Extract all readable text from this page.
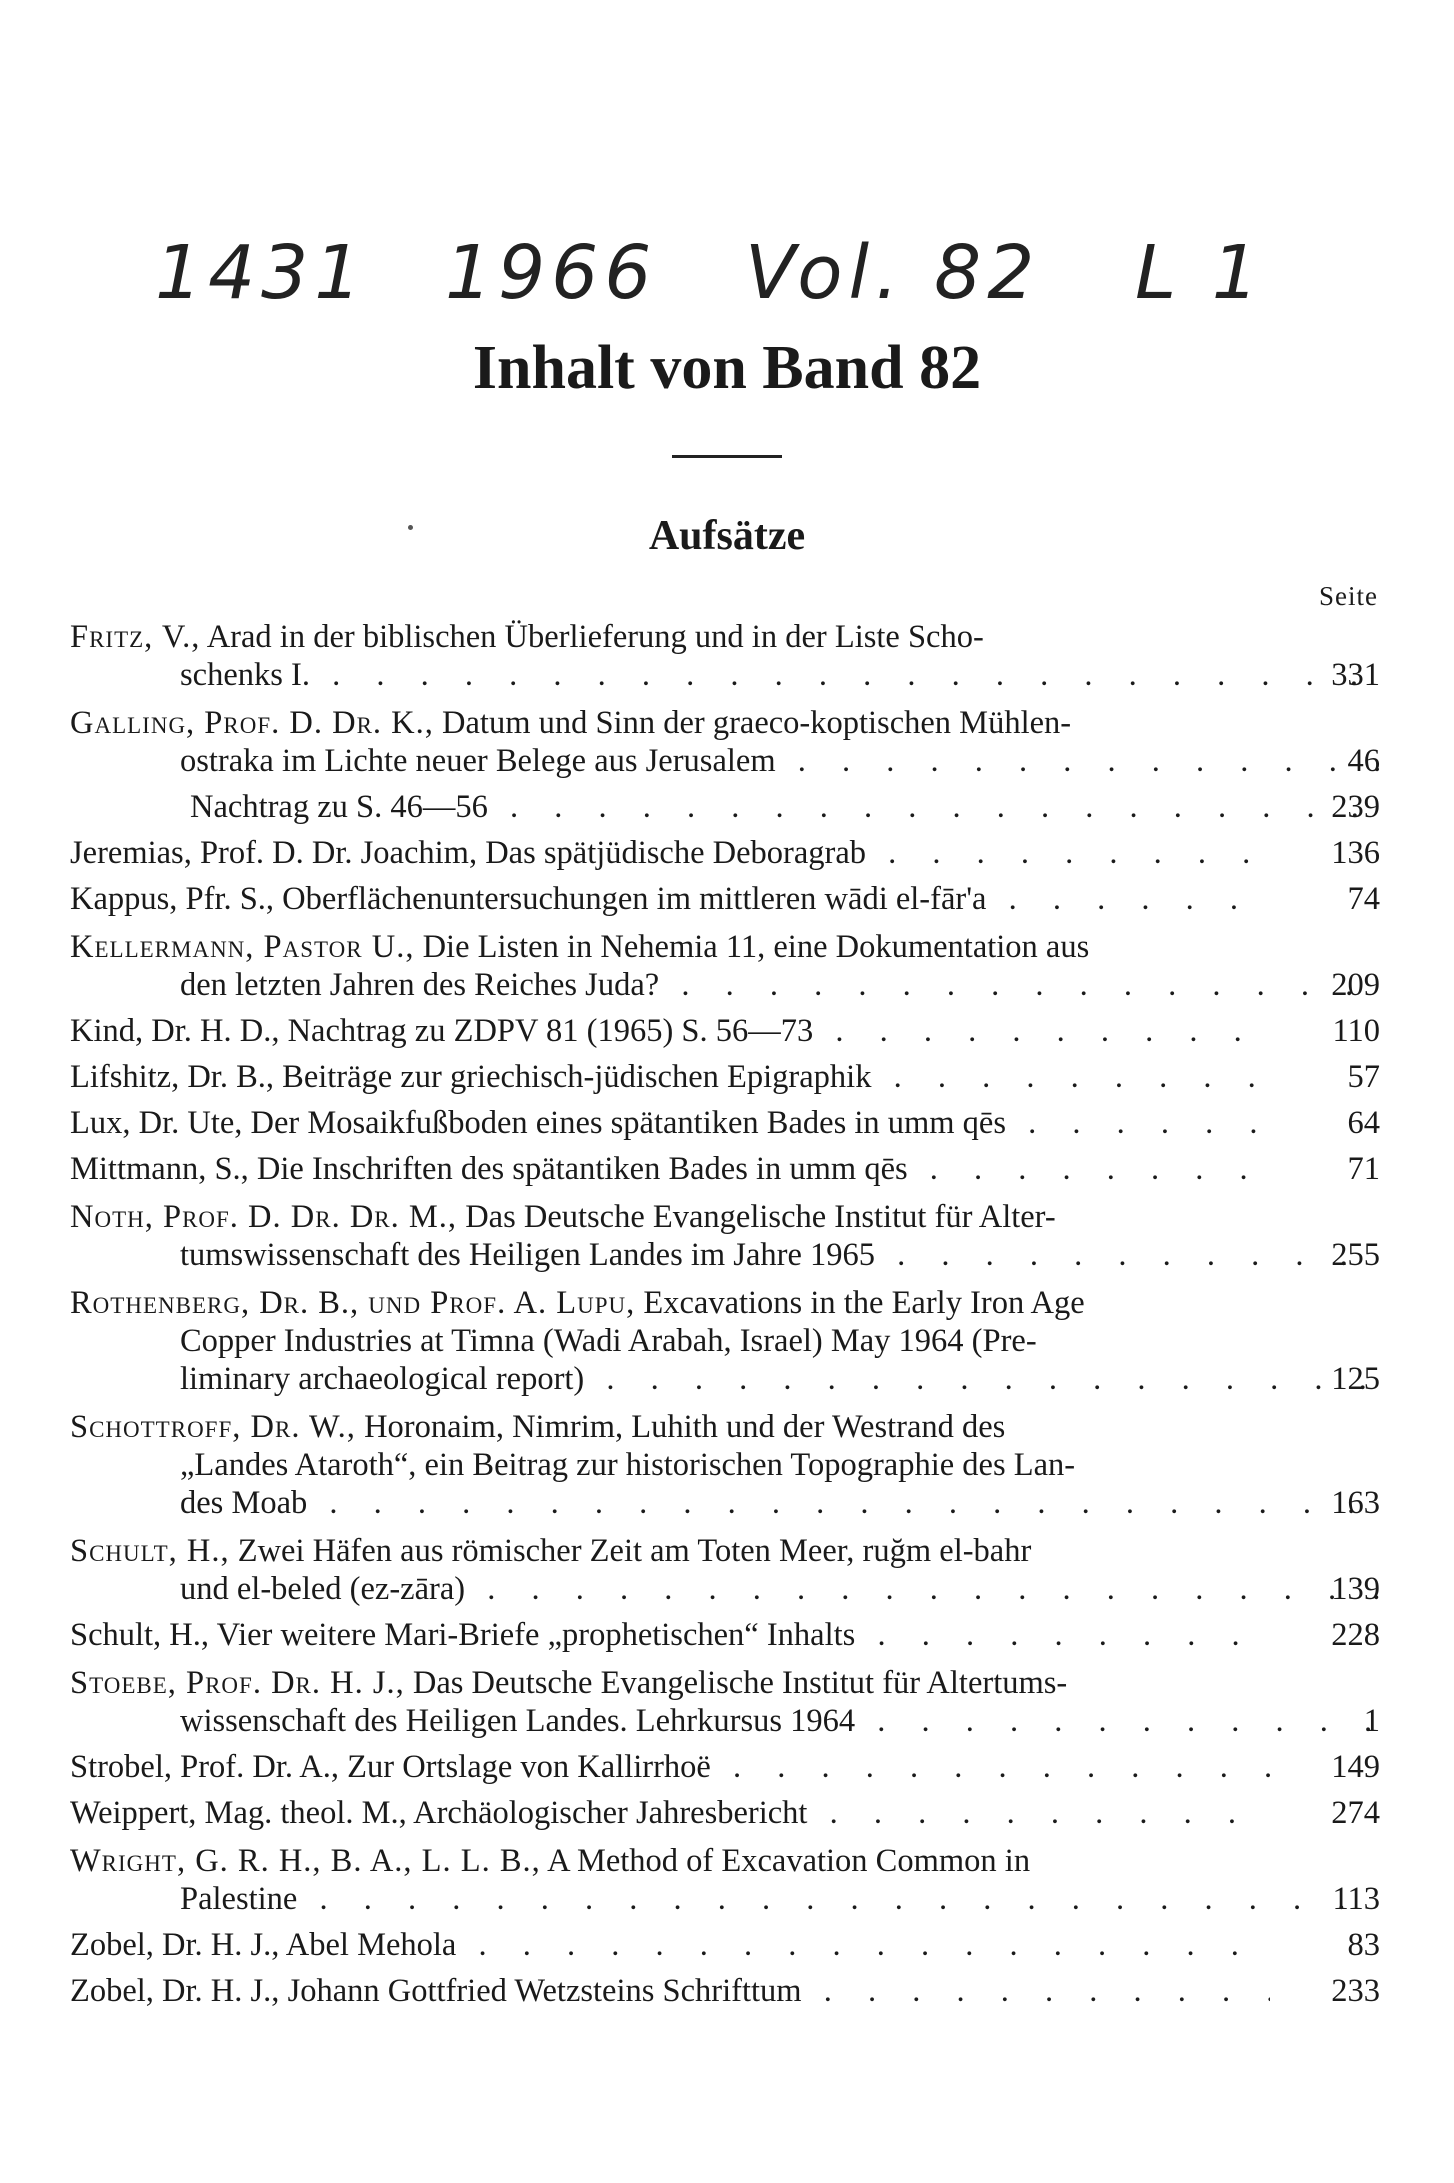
1431 1966 Vol. 82 L 1
Inhalt von Band 82
Aufsätze
Seite
Fritz, V., Arad in der biblischen Überlieferung und in der Liste Scho-
schenks I. . . .	331
Galling, Prof. D. Dr. K., Datum und Sinn der graeco-koptischen Mühlen-
ostraka im Lichte neuer Belege aus Jerusalem . . .	46
Nachtrag zu S. 46—56 . . .	239
Jeremias, Prof. D. Dr. Joachim, Das spätjüdische Deboragrab . . .	136
Kappus, Pfr. S., Oberflächenuntersuchungen im mittleren wādi el-fār'a . . .	74
Kellermann, Pastor U., Die Listen in Nehemia 11, eine Dokumentation aus
den letzten Jahren des Reiches Juda? . . .	209
Kind, Dr. H. D., Nachtrag zu ZDPV 81 (1965) S. 56—73 . . .	110
Lifshitz, Dr. B., Beiträge zur griechisch-jüdischen Epigraphik . . .	57
Lux, Dr. Ute, Der Mosaikfußboden eines spätantiken Bades in umm qēs . . .	64
Mittmann, S., Die Inschriften des spätantiken Bades in umm qēs . . .	71
Noth, Prof. D. Dr. Dr. M., Das Deutsche Evangelische Institut für Alter-
tumswissenschaft des Heiligen Landes im Jahre 1965 . . .	255
Rothenberg, Dr. B., und Prof. A. Lupu, Excavations in the Early Iron Age
Copper Industries at Timna (Wadi Arabah, Israel) May 1964 (Pre-
liminary archaeological report) . . .	125
Schottroff, Dr. W., Horonaim, Nimrim, Luhith und der Westrand des
„Landes Ataroth“, ein Beitrag zur historischen Topographie des Lan-
des Moab . . .	163
Schult, H., Zwei Häfen aus römischer Zeit am Toten Meer, ruğm el-bahr
und el-beled (ez-zāra) . . .	139
Schult, H., Vier weitere Mari-Briefe „prophetischen“ Inhalts . . .	228
Stoebe, Prof. Dr. H. J., Das Deutsche Evangelische Institut für Altertums-
wissenschaft des Heiligen Landes. Lehrkursus 1964 . . .	1
Strobel, Prof. Dr. A., Zur Ortslage von Kallirrhoë . . .	149
Weippert, Mag. theol. M., Archäologischer Jahresbericht . . .	274
Wright, G. R. H., B. A., L. L. B., A Method of Excavation Common in
Palestine . . .	113
Zobel, Dr. H. J., Abel Mehola . . .	83
Zobel, Dr. H. J., Johann Gottfried Wetzsteins Schrifttum . . .	233
